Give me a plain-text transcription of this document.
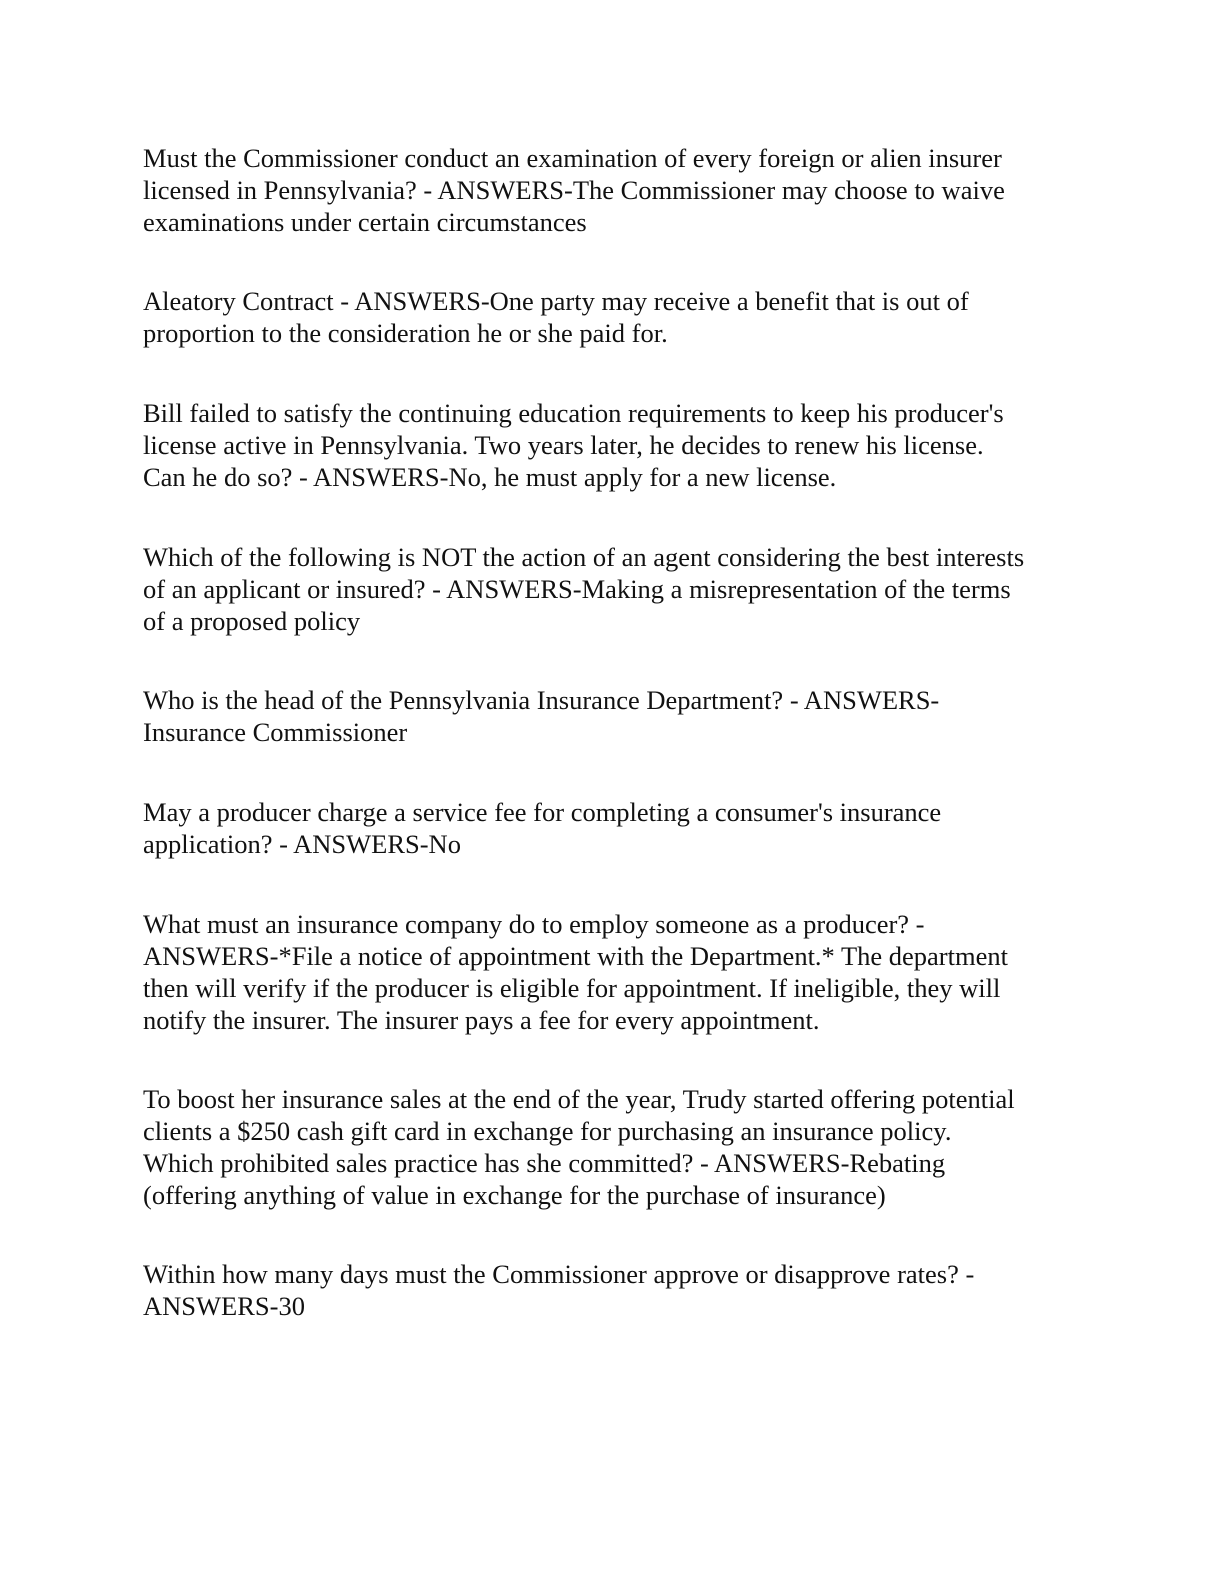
Must the Commissioner conduct an examination of every foreign or alien insurer
licensed in Pennsylvania? - ANSWERS-The Commissioner may choose to waive
examinations under certain circumstances

Aleatory Contract - ANSWERS-One party may receive a benefit that is out of
proportion to the consideration he or she paid for.

Bill failed to satisfy the continuing education requirements to keep his producer's
license active in Pennsylvania. Two years later, he decides to renew his license.
Can he do so? - ANSWERS-No, he must apply for a new license.

Which of the following is NOT the action of an agent considering the best interests
of an applicant or insured? - ANSWERS-Making a misrepresentation of the terms
of a proposed policy

Who is the head of the Pennsylvania Insurance Department? - ANSWERS-
Insurance Commissioner

May a producer charge a service fee for completing a consumer's insurance
application? - ANSWERS-No

What must an insurance company do to employ someone as a producer? -
ANSWERS-*File a notice of appointment with the Department.* The department
then will verify if the producer is eligible for appointment. If ineligible, they will
notify the insurer. The insurer pays a fee for every appointment.

To boost her insurance sales at the end of the year, Trudy started offering potential
clients a $250 cash gift card in exchange for purchasing an insurance policy.
Which prohibited sales practice has she committed? - ANSWERS-Rebating
(offering anything of value in exchange for the purchase of insurance)

Within how many days must the Commissioner approve or disapprove rates? -
ANSWERS-30
